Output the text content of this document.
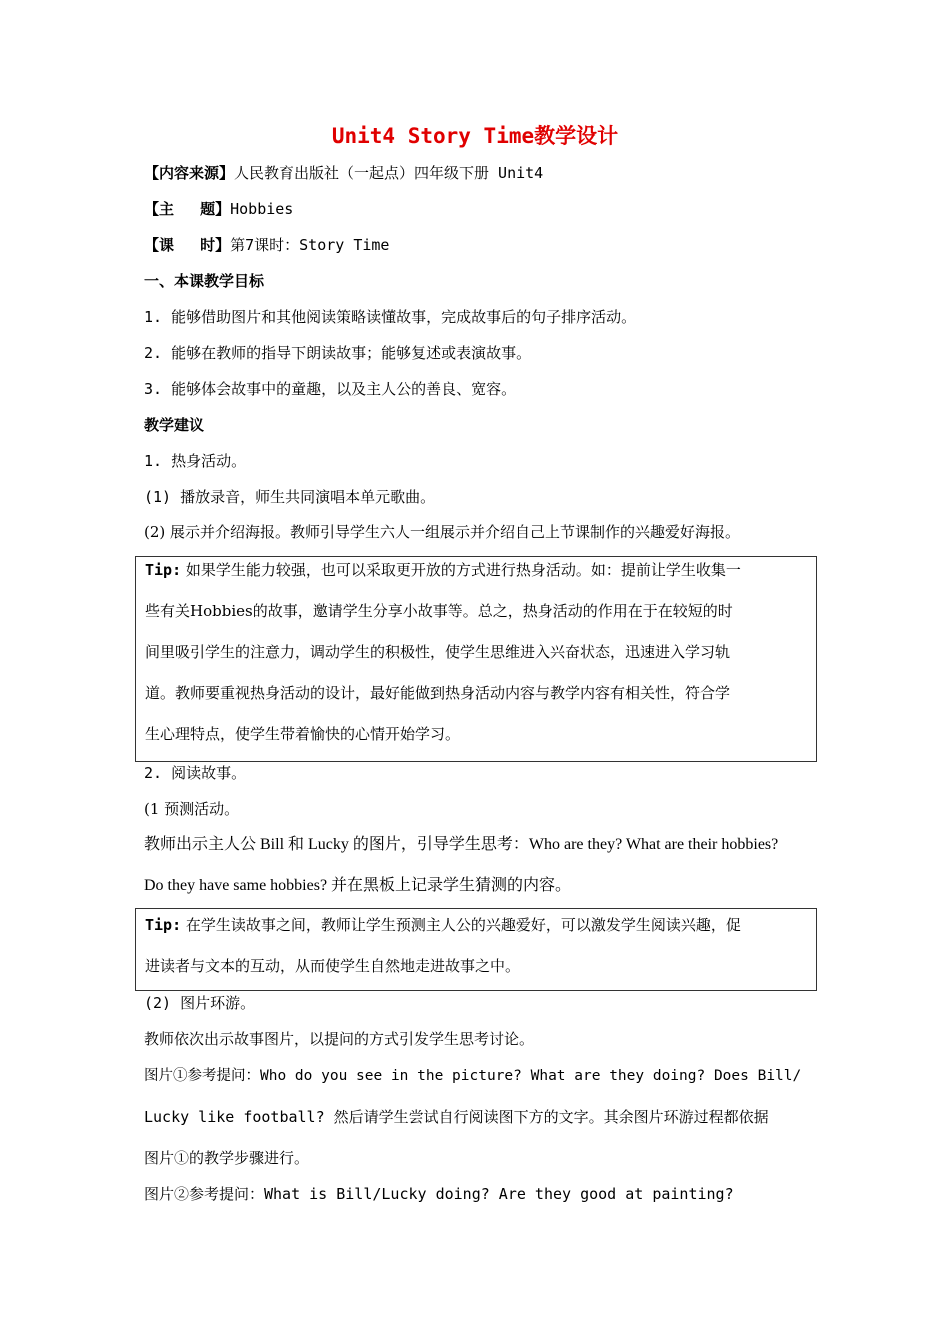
Unit4 Story Time教学设计
【内容来源】人民教育出版社（一起点）四年级下册 Unit4
【主     题】Hobbies
【课     时】第7课时：Story Time
一、本课教学目标
1. 能够借助图片和其他阅读策略读懂故事，完成故事后的句子排序活动。
2. 能够在教师的指导下朗读故事；能够复述或表演故事。
3. 能够体会故事中的童趣，以及主人公的善良、宽容。
教学建议
1. 热身活动。
(1) 播放录音，师生共同演唱本单元歌曲。
(2) 展示并介绍海报。教师引导学生六人一组展示并介绍自己上节课制作的兴趣爱好海报。
Tip: 如果学生能力较强，也可以采取更开放的方式进行热身活动。如：提前让学生收集一
些有关Hobbies的故事，邀请学生分享小故事等。总之，热身活动的作用在于在较短的时
间里吸引学生的注意力，调动学生的积极性，使学生思维进入兴奋状态，迅速进入学习轨
道。教师要重视热身活动的设计，最好能做到热身活动内容与教学内容有相关性，符合学
生心理特点，使学生带着愉快的心情开始学习。
2. 阅读故事。
(1 预测活动。
教师出示主人公 Bill 和 Lucky 的图片，引导学生思考：Who are they? What are their hobbies?
Do they have same hobbies? 并在黑板上记录学生猜测的内容。
Tip: 在学生读故事之间，教师让学生预测主人公的兴趣爱好，可以激发学生阅读兴趣，促
进读者与文本的互动，从而使学生自然地走进故事之中。
(2) 图片环游。
教师依次出示故事图片，以提问的方式引发学生思考讨论。
图片①参考提问：Who do you see in the picture? What are they doing? Does Bill/
Lucky like football? 然后请学生尝试自行阅读图下方的文字。其余图片环游过程都依据
图片①的教学步骤进行。
图片②参考提问：What is Bill/Lucky doing? Are they good at painting?
